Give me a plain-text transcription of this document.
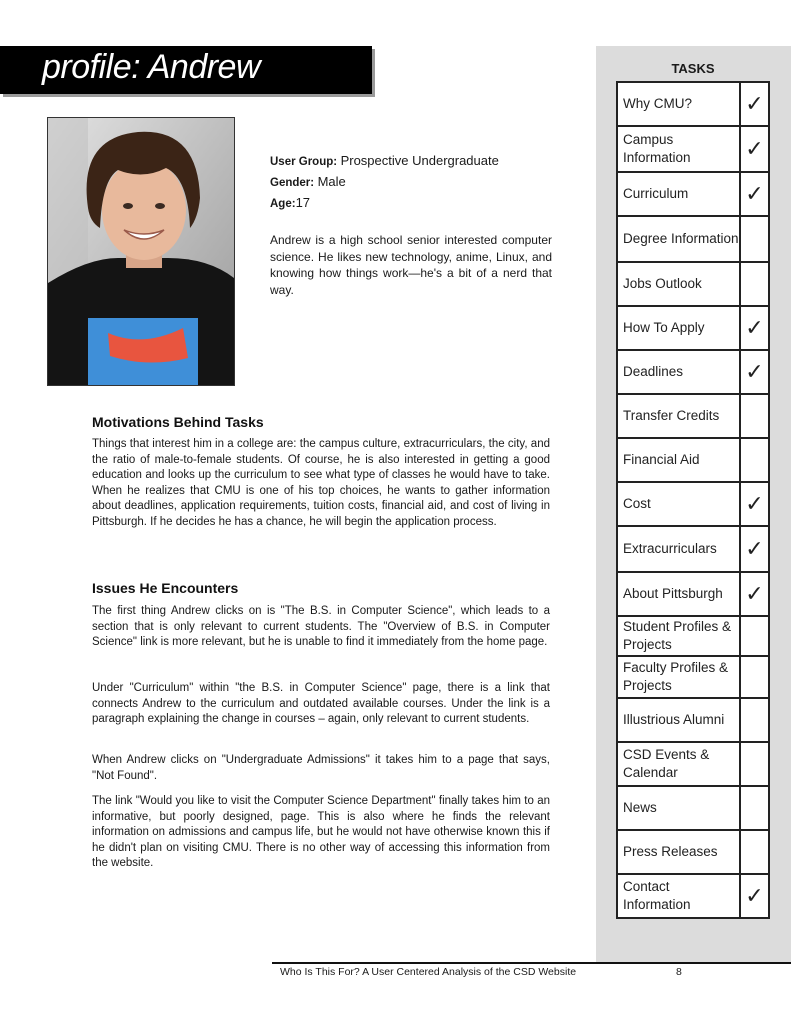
profile: Andrew
User Group: Prospective Undergraduate
Gender: Male
Age:17

Andrew is a high school senior interested computer science. He likes new technology, anime, Linux, and knowing how things work—he's a bit of a nerd that way.

Motivations Behind Tasks

Things that interest him in a college are: the campus culture, extracurriculars, the city, and the ratio of male-to-female students. Of course, he is also interested in getting a good education and looks up the curriculum to see what type of classes he would have to take. When he realizes that CMU is one of his top choices, he wants to gather information about deadlines, application requirements, tuition costs, financial aid, and cost of living in Pittsburgh. If he decides he has a chance, he will begin the application process.

Issues He Encounters

The first thing Andrew clicks on is "The B.S. in Computer Science", which leads to a section that is only relevant to current students. The "Overview of B.S. in Computer Science" link is more relevant, but he is unable to find it immediately from the home page.

Under "Curriculum" within "the B.S. in Computer Science" page, there is a link that connects Andrew to the curriculum and outdated available courses. Under the link is a paragraph explaining the change in courses – again, only relevant to current students.

When Andrew clicks on "Undergraduate Admissions" it takes him to a page that says, "Not Found".

The link "Would you like to visit the Computer Science Department" finally takes him to an informative, but poorly designed, page. This is also where he finds the relevant information on admissions and campus life, but he would not have otherwise known this if he didn't plan on visiting CMU. There is no other way of accessing this information from the website.

TASKS
Why CMU?	✓
Campus Information	✓
Curriculum	✓
Degree Information	
Jobs Outlook	
How To Apply	✓
Deadlines	✓
Transfer Credits	
Financial Aid	
Cost	✓
Extracurriculars	✓
About Pittsburgh	✓
Student Profiles & Projects	
Faculty Profiles & Projects	
Illustrious Alumni	
CSD Events & Calendar	
News	
Press Releases	
Contact Information	✓
Who Is This For? A User Centered Analysis of the CSD Website	8
